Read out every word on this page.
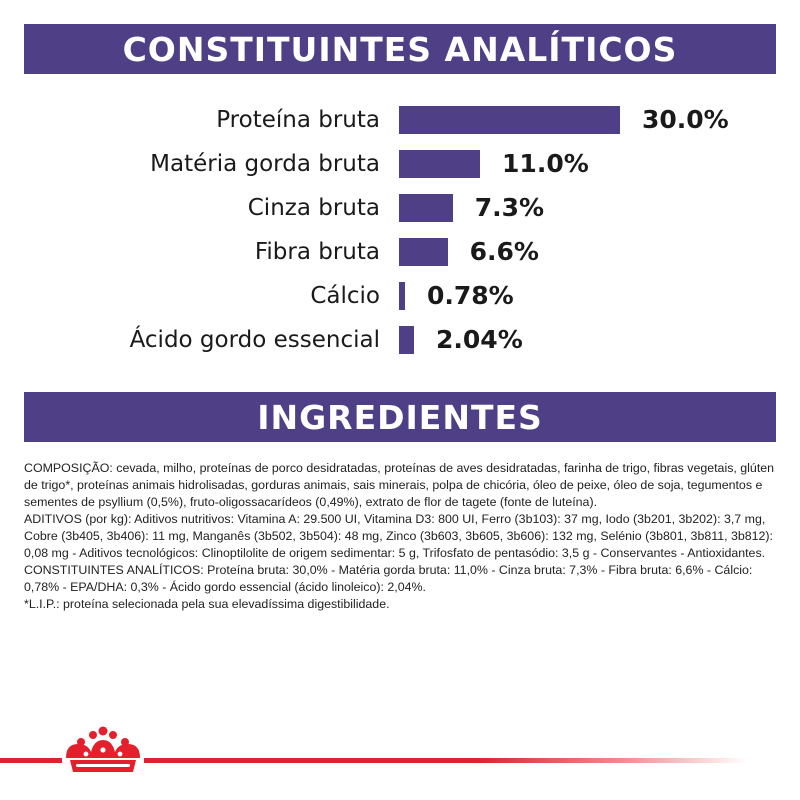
CONSTITUINTES ANALÍTICOS
Proteína bruta	30.0%
Matéria gorda bruta	11.0%
Cinza bruta	7.3%
Fibra bruta	6.6%
Cálcio 0.78%
Ácido gordo essencial 2.04%
INGREDIENTES

COMPOSIÇÃO: cevada, milho, proteínas de porco desidratadas, proteínas de aves desidratadas, farinha de trigo, fibras vegetais, glúten de trigo*, proteínas animais hidrolisadas, gorduras animais, sais minerais, polpa de chicória, óleo de peixe, óleo de soja, tegumentos e sementes de psyllium (0,5%), fruto-oligossacarídeos (0,49%), extrato de flor de tagete (fonte de luteína).

ADITIVOS (por kg): Aditivos nutritivos: Vitamina A: 29.500 UI, Vitamina D3: 800 UI, Ferro (3b103): 37 mg, Iodo (3b201, 3b202): 3,7 mg, Cobre (3b405, 3b406): 11 mg, Manganês (3b502, 3b504): 48 mg, Zinco (3b603, 3b605, 3b606): 132 mg, Selénio (3b801, 3b811, 3b812): 0,08 mg - Aditivos tecnológicos: Clinoptilolite de origem sedimentar: 5 g, Trifosfato de pentasódio: 3,5 g - Conservantes - Antioxidantes.

CONSTITUINTES ANALÍTICOS: Proteína bruta: 30,0% - Matéria gorda bruta: 11,0% - Cinza bruta: 7,3% - Fibra bruta: 6,6% - Cálcio: 0,78% - EPA/DHA: 0,3% - Ácido gordo essencial (ácido linoleico): 2,04%.

*L.I.P.: proteína selecionada pela sua elevadíssima digestibilidade.
